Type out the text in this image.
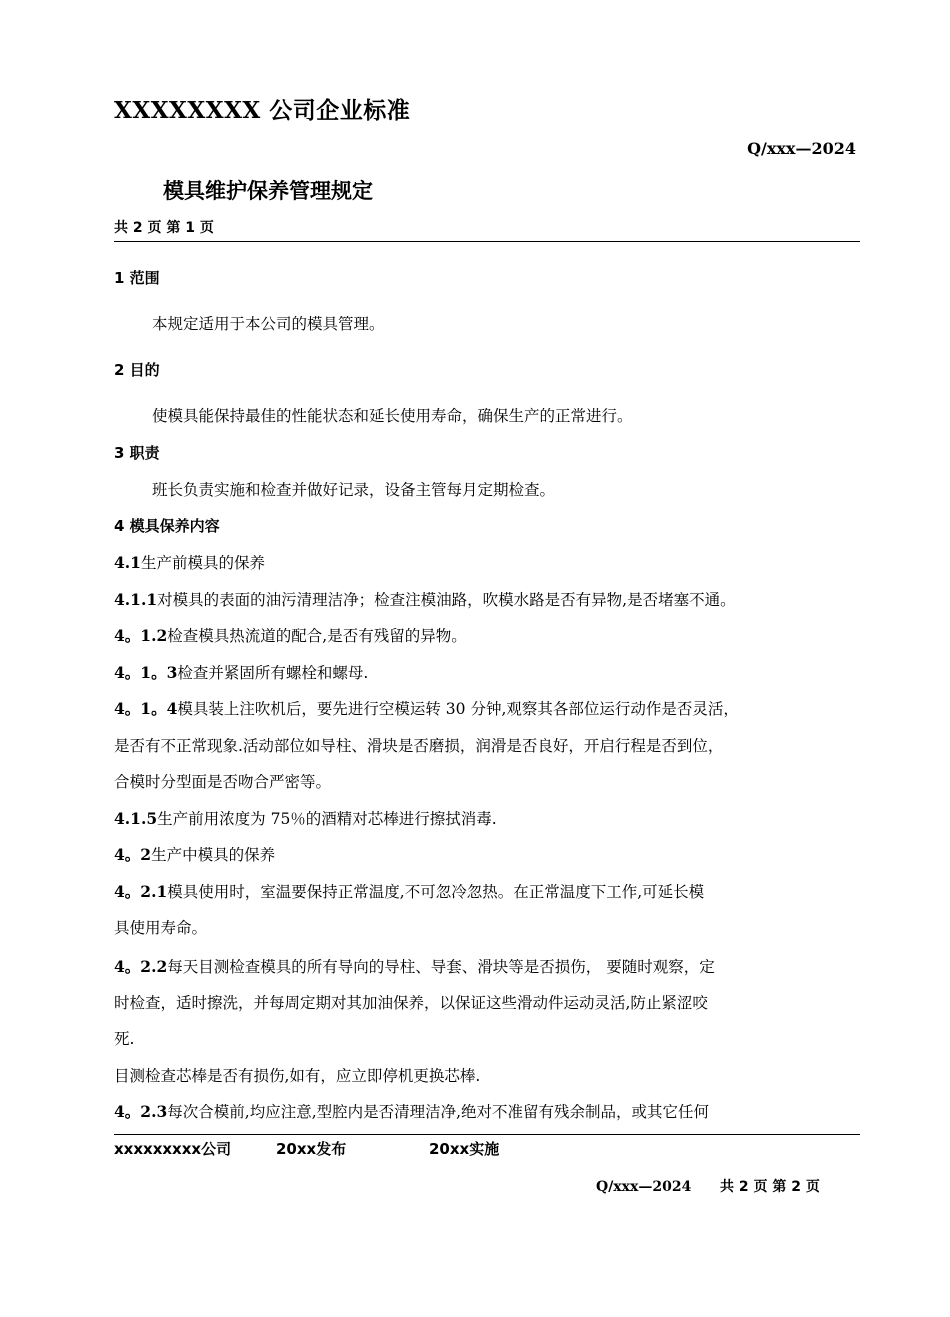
XXXXXXXX 公司企业标准
Q/xxx—2024
模具维护保养管理规定
共 2 页 第 1 页
1 范围
本规定适用于本公司的模具管理。
2 目的
使模具能保持最佳的性能状态和延长使用寿命，确保生产的正常进行。
3 职责
班长负责实施和检查并做好记录，设备主管每月定期检查。
4 模具保养内容
4.1生产前模具的保养
4.1.1对模具的表面的油污清理洁净；检查注模油路，吹模水路是否有异物,是否堵塞不通。
4。1.2检查模具热流道的配合,是否有残留的异物。
4。1。3检查并紧固所有螺栓和螺母.
4。1。4模具装上注吹机后，要先进行空模运转 30 分钟,观察其各部位运行动作是否灵活，
是否有不正常现象.活动部位如导柱、滑块是否磨损，润滑是否良好，开启行程是否到位，
合模时分型面是否吻合严密等。
4.1.5生产前用浓度为 75％的酒精对芯棒进行擦拭消毒.
4。2生产中模具的保养
4。2.1模具使用时，室温要保持正常温度,不可忽冷忽热。在正常温度下工作,可延长模
具使用寿命。
4。2.2每天目测检查模具的所有导向的导柱、导套、滑块等是否损伤， 要随时观察，定
时检查，适时擦洗，并每周定期对其加油保养，以保证这些滑动件运动灵活,防止紧涩咬
死.
目测检查芯棒是否有损伤,如有，应立即停机更换芯棒.
4。2.3每次合模前,均应注意,型腔内是否清理洁净,绝对不准留有残余制品，或其它任何
xxxxxxxxx公司	20xx发布	20xx实施
Q/xxx—2024 共 2 页 第 2 页
